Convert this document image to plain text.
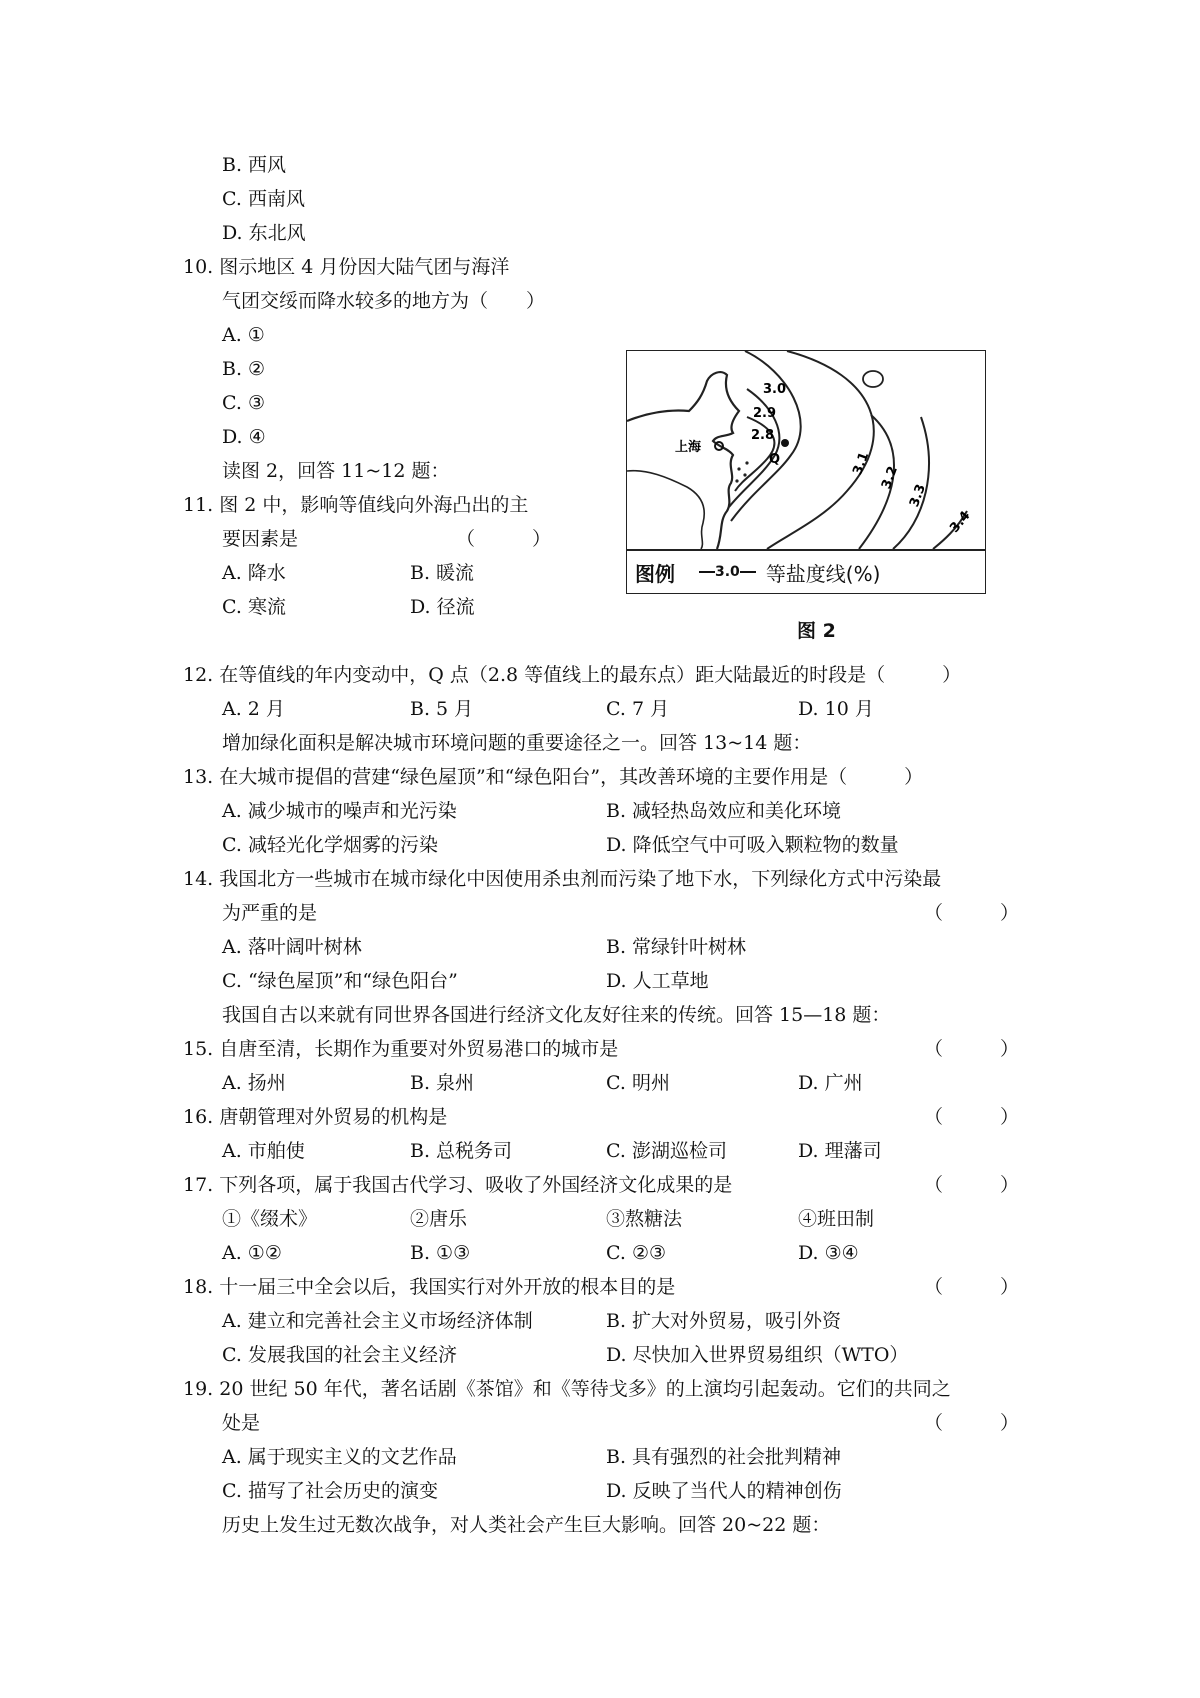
B. 西风
C. 西南风
D. 东北风
10. 图示地区 4 月份因大陆气团与海洋
气团交绥而降水较多的地方为（　　）
A. ①
B. ②
C. ③
D. ④
读图 2，回答 11~12 题：
11. 图 2 中，影响等值线向外海凸出的主
要因素是	（　　　）
A. 降水	B. 暖流
C. 寒流	D. 径流
Q
上海
3.0
2.9
2.8
3.1
3.2
3.3
3.4
图例	3.0 等盐度线(%)
图 2
12. 在等值线的年内变动中，Q 点（2.8 等值线上的最东点）距大陆最近的时段是（　　　）
A. 2 月	B. 5 月	C. 7 月	D. 10 月
增加绿化面积是解决城市环境问题的重要途径之一。回答 13~14 题：
13. 在大城市提倡的营建“绿色屋顶”和“绿色阳台”，其改善环境的主要作用是（　　　）
A. 减少城市的噪声和光污染	B. 减轻热岛效应和美化环境
C. 减轻光化学烟雾的污染	D. 降低空气中可吸入颗粒物的数量
14. 我国北方一些城市在城市绿化中因使用杀虫剂而污染了地下水，下列绿化方式中污染最
为严重的是	（　　　）
A. 落叶阔叶树林	B. 常绿针叶树林
C. “绿色屋顶”和“绿色阳台”	D. 人工草地
我国自古以来就有同世界各国进行经济文化友好往来的传统。回答 15—18 题：
15. 自唐至清，长期作为重要对外贸易港口的城市是	（　　　）
A. 扬州	B. 泉州	C. 明州	D. 广州
16. 唐朝管理对外贸易的机构是	（　　　）
A. 市舶使	B. 总税务司	C. 澎湖巡检司	D. 理藩司
17. 下列各项，属于我国古代学习、吸收了外国经济文化成果的是	（　　　）
①《缀术》	②唐乐	③熬糖法	④班田制
A. ①②	B. ①③	C. ②③	D. ③④
18. 十一届三中全会以后，我国实行对外开放的根本目的是	（　　　）
A. 建立和完善社会主义市场经济体制	B. 扩大对外贸易，吸引外资
C. 发展我国的社会主义经济	D. 尽快加入世界贸易组织（WTO）
19. 20 世纪 50 年代，著名话剧《茶馆》和《等待戈多》的上演均引起轰动。它们的共同之
处是	（　　　）
A. 属于现实主义的文艺作品	B. 具有强烈的社会批判精神
C. 描写了社会历史的演变	D. 反映了当代人的精神创伤
历史上发生过无数次战争，对人类社会产生巨大影响。回答 20~22 题：
